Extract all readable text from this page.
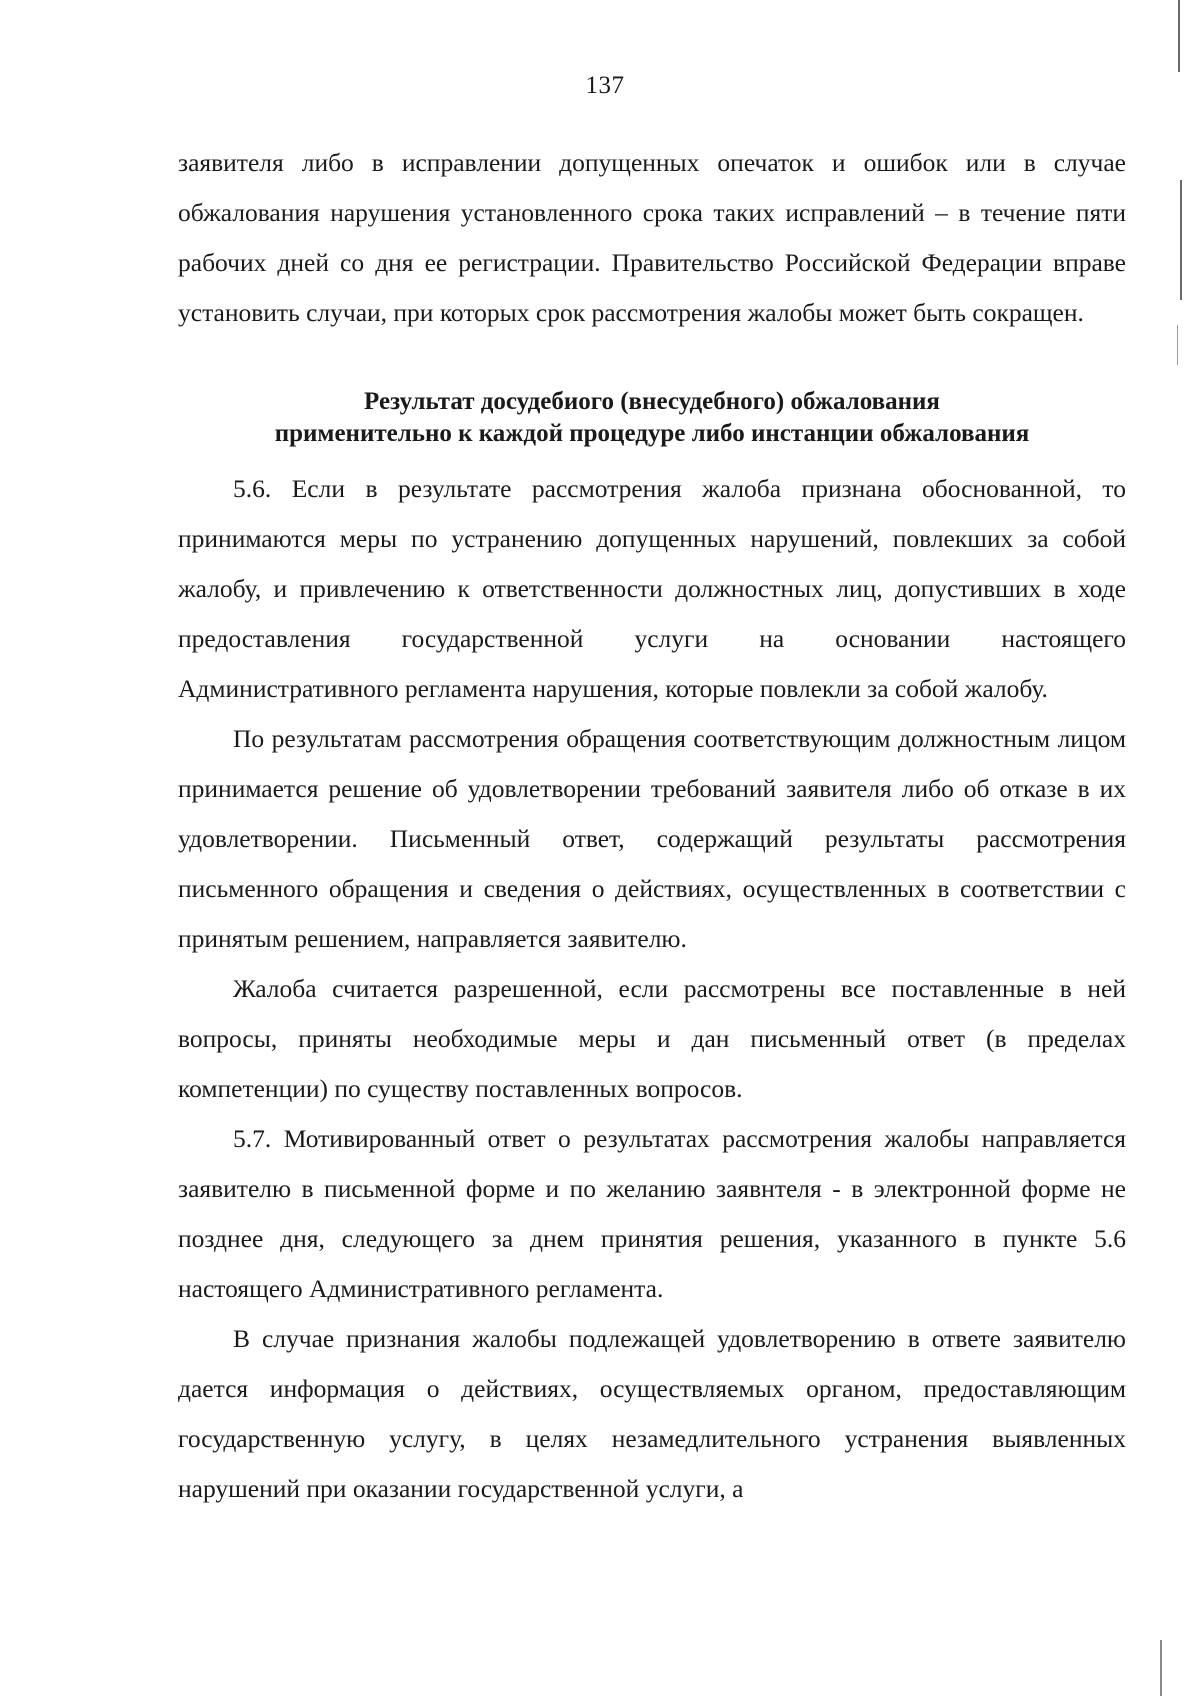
137

заявителя либо в исправлении допущенных опечаток и ошибок или в случае обжалования нарушения установленного срока таких исправлений – в течение пяти рабочих дней со дня ее регистрации. Правительство Российской Федерации вправе установить случаи, при которых срок рассмотрения жалобы может быть сокращен.

Результат досудебиого (внесудебного) обжалования
применительно к каждой процедуре либо инстанции обжалования

5.6. Если в результате рассмотрения жалоба признана обоснованной, то принимаются меры по устранению допущенных нарушений, повлекших за собой жалобу, и привлечению к ответственности должностных лиц, допустивших в ходе предоставления государственной услуги на основании настоящего Административного регламента нарушения, которые повлекли за собой жалобу.

По результатам рассмотрения обращения соответствующим должностным лицом принимается решение об удовлетворении требований заявителя либо об отказе в их удовлетворении. Письменный ответ, содержащий результаты рассмотрения письменного обращения и сведения о действиях, осуществленных в соответствии с принятым решением, направляется заявителю.

Жалоба считается разрешенной, если рассмотрены все поставленные в ней вопросы, приняты необходимые меры и дан письменный ответ (в пределах компетенции) по существу поставленных вопросов.

5.7. Мотивированный ответ о результатах рассмотрения жалобы направляется заявителю в письменной форме и по желанию заявнтеля - в электронной форме не позднее дня, следующего за днем принятия решения, указанного в пункте 5.6 настоящего Административного регламента.

В случае признания жалобы подлежащей удовлетворению в ответе заявителю дается информация о действиях, осуществляемых органом, предоставляющим государственную услугу, в целях незамедлительного устранения выявленных нарушений при оказании государственной услуги, а
